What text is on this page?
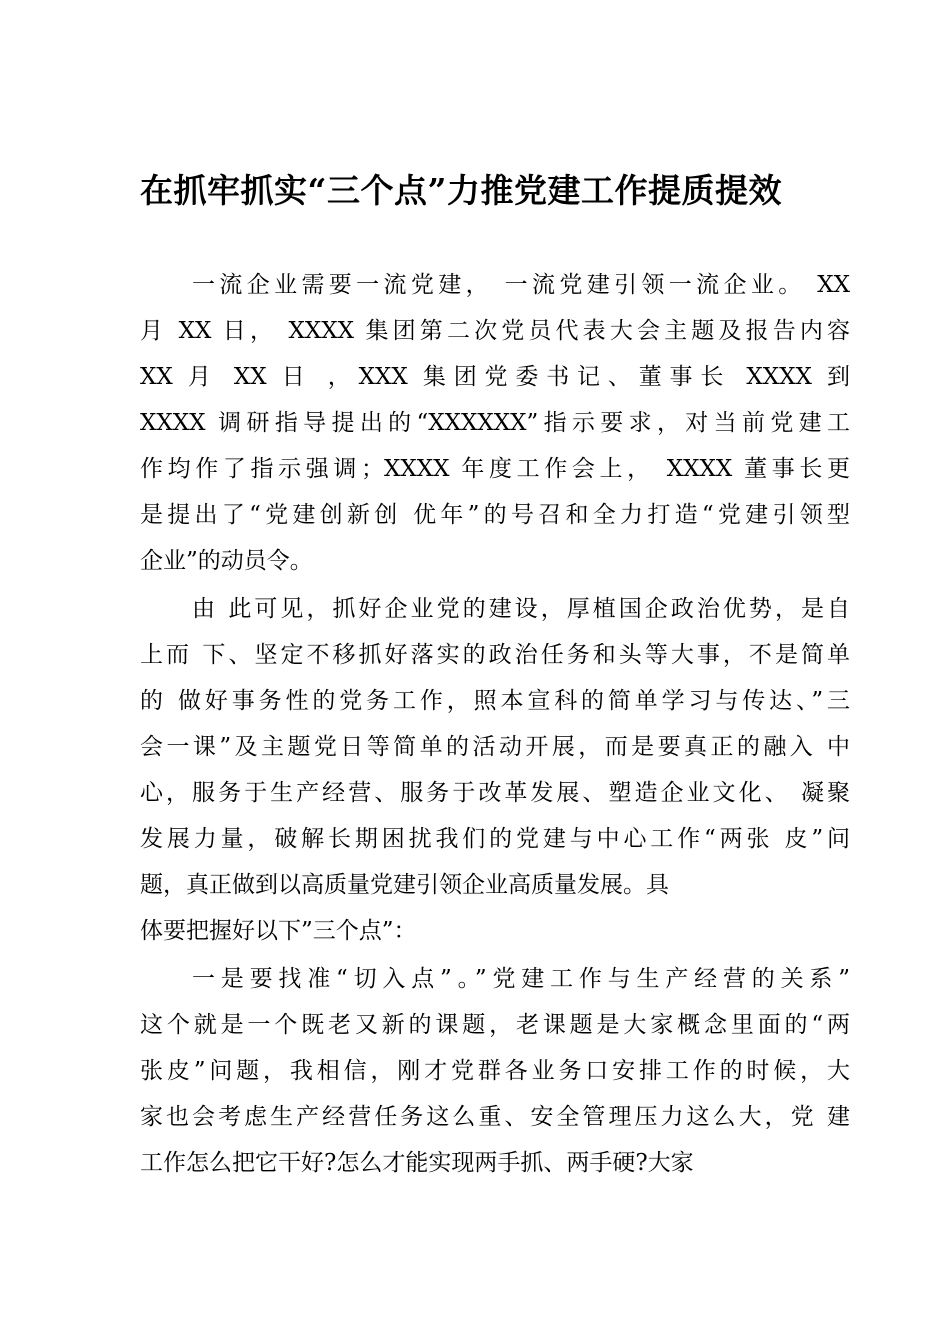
在抓牢抓实“三个点”力推党建工作提质提效

一流企业需要一流党建， 一流党建引领一流企业。 XX

月 XX 日， XXXX 集团第二次党员代表大会主题及报告内容

XX 月 XX 日 ，XXX 集团党委书记、董事长 XXXX 到

XXXX 调研指导提出的“XXXXXX”指示要求，对当前党建工

作均作了指示强调；XXXX 年度工作会上， XXXX 董事长更

是提出了“党建创新创 优年”的号召和全力打造“党建引领型

企业”的动员令。

由 此可见，抓好企业党的建设，厚植国企政治优势，是自

上而 下、坚定不移抓好落实的政治任务和头等大事，不是简单

的 做好事务性的党务工作，照本宣科的简单学习与传达、”三

会一课”及主题党日等简单的活动开展，而是要真正的融入 中

心，服务于生产经营、服务于改革发展、塑造企业文化、 凝聚

发展力量，破解长期困扰我们的党建与中心工作“两张 皮”问

题，真正做到以高质量党建引领企业高质量发展。具

体要把握好以下”三个点”：

一是要找准“切入点”。”党建工作与生产经营的关系”

这个就是一个既老又新的课题，老课题是大家概念里面的“两

张皮”问题，我相信，刚才党群各业务口安排工作的时候，大

家也会考虑生产经营任务这么重、安全管理压力这么大，党 建

工作怎么把它干好?怎么才能实现两手抓、两手硬?大家
